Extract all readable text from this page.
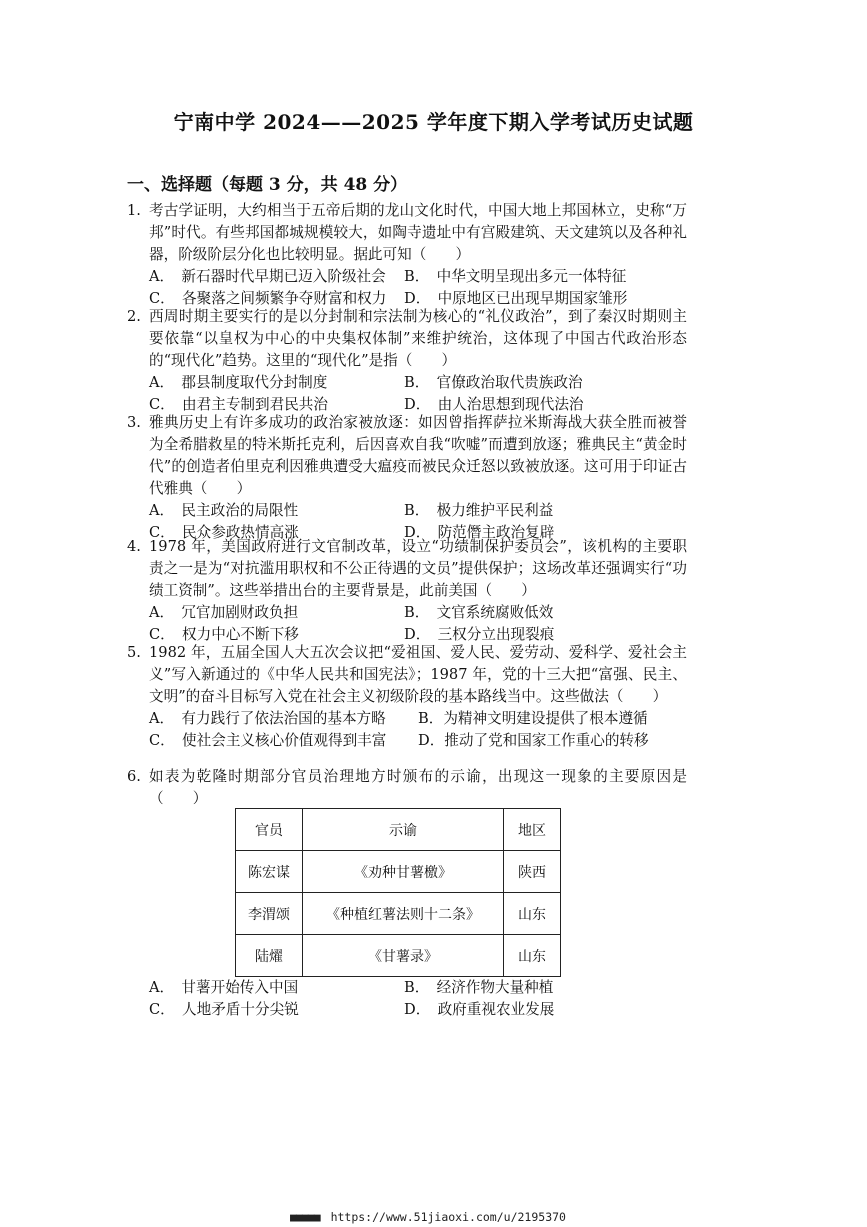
宁南中学 2024——2025 学年度下期入学考试历史试题
一、选择题（每题 3 分，共 48 分）
1. 考古学证明，大约相当于五帝后期的龙山文化时代，中国大地上邦国林立，史称“万邦”时代。有些邦国都城规模较大，如陶寺遗址中有宫殿建筑、天文建筑以及各种礼器，阶级阶层分化也比较明显。据此可知（　　）
A．　新石器时代早期已迈入阶级社会	B．　中华文明呈现出多元一体特征
C．　各聚落之间频繁争夺财富和权力	D．　中原地区已出现早期国家雏形
2. 西周时期主要实行的是以分封制和宗法制为核心的“礼仪政治”，到了秦汉时期则主要依靠“以皇权为中心的中央集权体制”来维护统治，这体现了中国古代政治形态的“现代化”趋势。这里的“现代化”是指（　　）
A．　郡县制度取代分封制度	B．　官僚政治取代贵族政治
C．　由君主专制到君民共治	D．　由人治思想到现代法治
3. 雅典历史上有许多成功的政治家被放逐：如因曾指挥萨拉米斯海战大获全胜而被誉为全希腊救星的特米斯托克利，后因喜欢自我“吹嘘”而遭到放逐；雅典民主“黄金时代”的创造者伯里克利因雅典遭受大瘟疫而被民众迁怒以致被放逐。这可用于印证古代雅典（　　）
A．　民主政治的局限性	B．　极力维护平民利益
C．　民众参政热情高涨	D．　防范僭主政治复辟
4. 1978 年，美国政府进行文官制改革，设立“功绩制保护委员会”，该机构的主要职责之一是为“对抗滥用职权和不公正待遇的文员”提供保护；这场改革还强调实行“功绩工资制”。这些举措出台的主要背景是，此前美国（　　）
A．　冗官加剧财政负担	B．　文官系统腐败低效
C．　权力中心不断下移	D．　三权分立出现裂痕
5. 1982 年，五届全国人大五次会议把“爱祖国、爱人民、爱劳动、爱科学、爱社会主义”写入新通过的《中华人民共和国宪法》；1987 年，党的十三大把“富强、民主、文明”的奋斗目标写入党在社会主义初级阶段的基本路线当中。这些做法（　　）
A．　有力践行了依法治国的基本方略	B．为精神文明建设提供了根本遵循
C．　使社会主义核心价值观得到丰富	D．推动了党和国家工作重心的转移
6. 如表为乾隆时期部分官员治理地方时颁布的示谕，出现这一现象的主要原因是（　　）
官员	示谕	地区
陈宏谋	《劝种甘薯檄》	陕西
李渭颂	《种植红薯法则十二条》	山东
陆燿	《甘薯录》	山东
A．　甘薯开始传入中国	B．　经济作物大量种植
C．　人地矛盾十分尖锐	D．　政府重视农业发展
■■■■■ https://www.51jiaoxi.com/u/2195370
